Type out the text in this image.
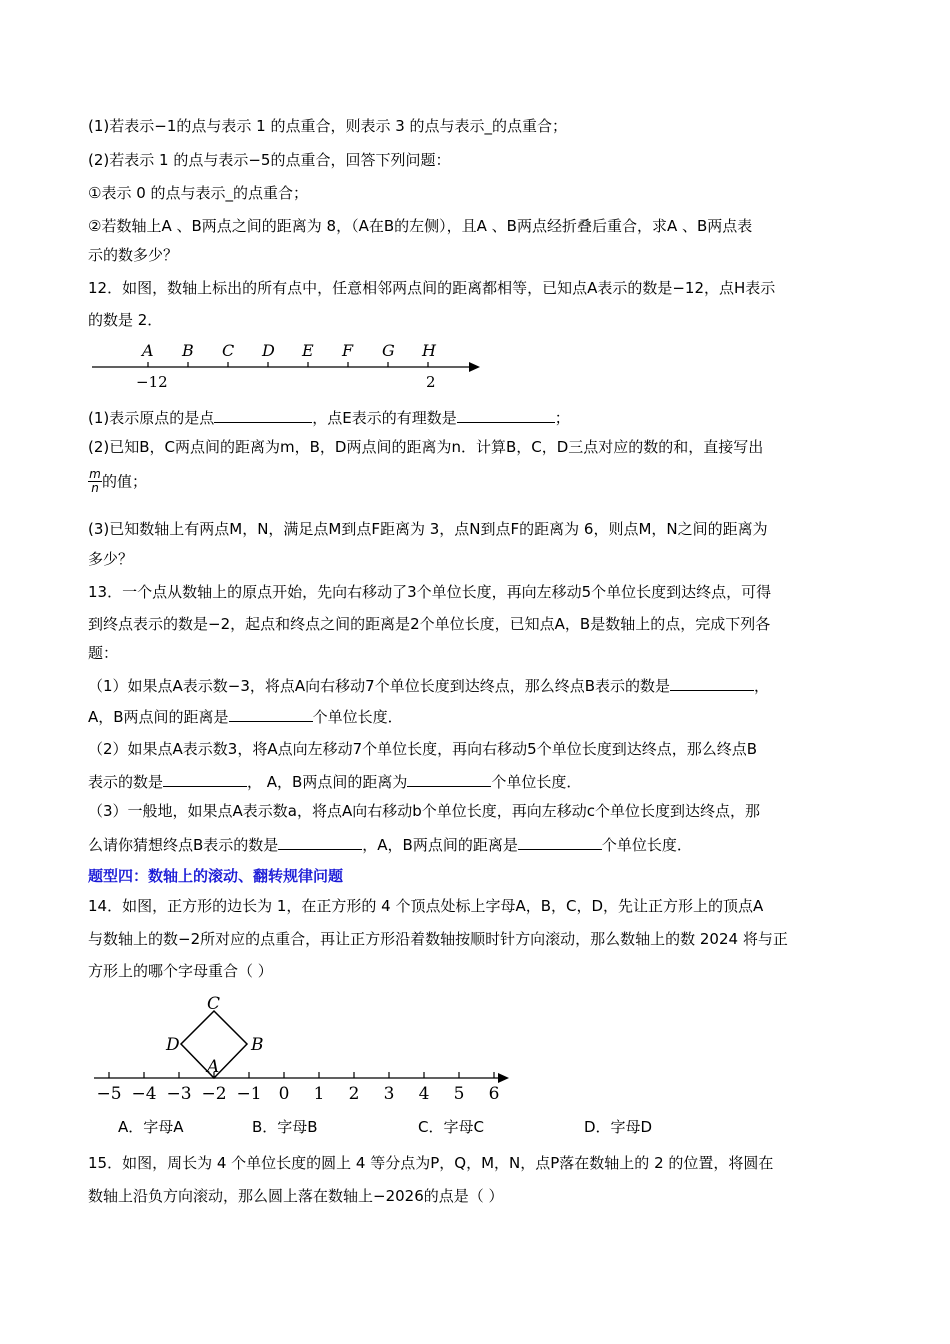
(1)若表示−1的点与表示 1 的点重合，则表示 3 的点与表示_的点重合；
(2)若表示 1 的点与表示−5的点重合，回答下列问题：
①表示 0 的点与表示_的点重合；
②若数轴上A 、B两点之间的距离为 8，（A在B的左侧），且A 、B两点经折叠后重合，求A 、B两点表
示的数多少？
12．如图，数轴上标出的所有点中，任意相邻两点间的距离都相等，已知点A表示的数是−12，点H表示
的数是 2．
A B C D E F G H
−12	2
(1)表示原点的是点	，点E表示的有理数是	；
(2)已知B，C两点间的距离为m，B，D两点间的距离为n．计算B，C，D三点对应的数的和，直接写出
$\frac{m}{n}$ 的值；
(3)已知数轴上有两点M，N，满足点M到点F距离为 3，点N到点F的距离为 6，则点M，N之间的距离为
多少？
13．一个点从数轴上的原点开始，先向右移动了3个单位长度，再向左移动5个单位长度到达终点，可得
到终点表示的数是−2，起点和终点之间的距离是2个单位长度，已知点A，B是数轴上的点，完成下列各
题：
（1）如果点A表示数−3，将点A向右移动7个单位长度到达终点，那么终点B表示的数是	，
A，B两点间的距离是	个单位长度．
（2）如果点A表示数3，将A点向左移动7个单位长度，再向右移动5个单位长度到达终点，那么终点B
表示的数是	， A，B两点间的距离为	个单位长度．
（3）一般地，如果点A表示数a，将点A向右移动b个单位长度，再向左移动c个单位长度到达终点，那
么请你猜想终点B表示的数是	，A，B两点间的距离是	个单位长度．
题型四：数轴上的滚动、翻转规律问题
14．如图，正方形的边长为 1，在正方形的 4 个顶点处标上字母A，B，C，D，先让正方形上的顶点A
与数轴上的数−2所对应的点重合，再让正方形沿着数轴按顺时针方向滚动，那么数轴上的数 2024 将与正
方形上的哪个字母重合（ ）
−5 −4 −3 −2 −1 0 1 2 3 4 5 6
A
B
C
D
A．字母A	B．字母B	C．字母C	D．字母D
15．如图，周长为 4 个单位长度的圆上 4 等分点为P，Q，M，N，点P落在数轴上的 2 的位置，将圆在
数轴上沿负方向滚动，那么圆上落在数轴上−2026的点是（ ）
